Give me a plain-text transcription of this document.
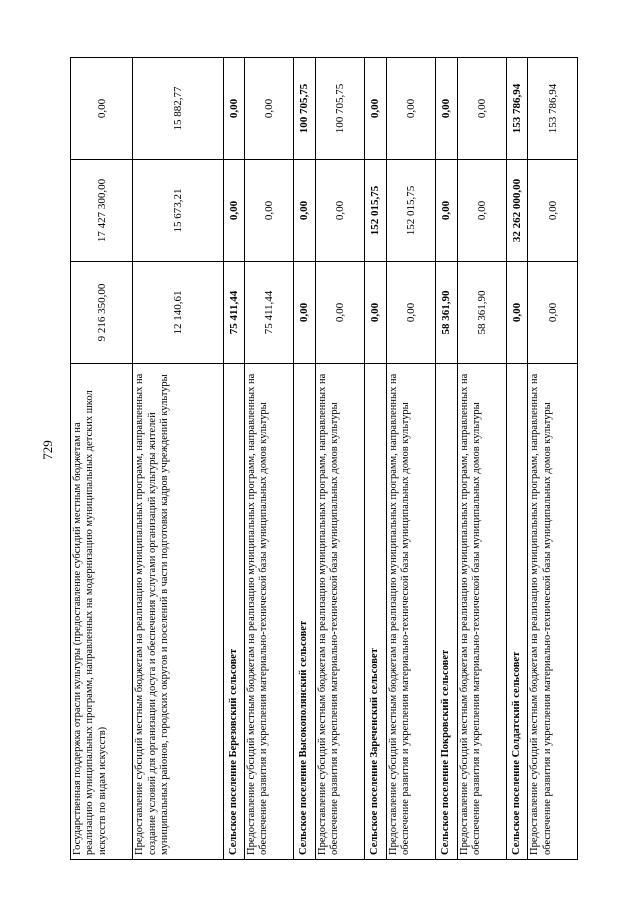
729 Государственная поддержка отрасли культуры (предоставление субсидий местным бюджетам на реализацию муниципальных программ, направленных на модернизацию муниципальных детских школ искусств по видам искусств)	9 216 350,00	17 427 300,00	0,00
Предоставление субсидий местным бюджетам на реализацию муниципальных программ, направленных на создание условий для организации досуга и обеспечения услугами организаций культуры жителей муниципальных районов, городских округов и поселений в части подготовки кадров учреждений культуры	12 140,61	15 673,21	15 882,77
Сельское поселение Березовский сельсовет	75 411,44	0,00	0,00
Предоставление субсидий местным бюджетам на реализацию муниципальных программ, направленных на обеспечение развития и укрепления материально-технической базы муниципальных домов культуры	75 411,44	0,00	0,00
Сельское поселение Высокополянский сельсовет	0,00	0,00	100 705,75
Предоставление субсидий местным бюджетам на реализацию муниципальных программ, направленных на обеспечение развития и укрепления материально-технической базы муниципальных домов культуры	0,00	0,00	100 705,75
Сельское поселение Зареченский сельсовет	0,00	152 015,75	0,00
Предоставление субсидий местным бюджетам на реализацию муниципальных программ, направленных на обеспечение развития и укрепления материально-технической базы муниципальных домов культуры	0,00	152 015,75	0,00
Сельское поселение Покровский сельсовет	58 361,90	0,00	0,00
Предоставление субсидий местным бюджетам на реализацию муниципальных программ, направленных на обеспечение развития и укрепления материально-технической базы муниципальных домов культуры	58 361,90	0,00	0,00
Сельское поселение Солдатский сельсовет	0,00	32 262 000,00	153 786,94
Предоставление субсидий местным бюджетам на реализацию муниципальных программ, направленных на обеспечение развития и укрепления материально-технической базы муниципальных домов культуры	0,00	0,00	153 786,94
